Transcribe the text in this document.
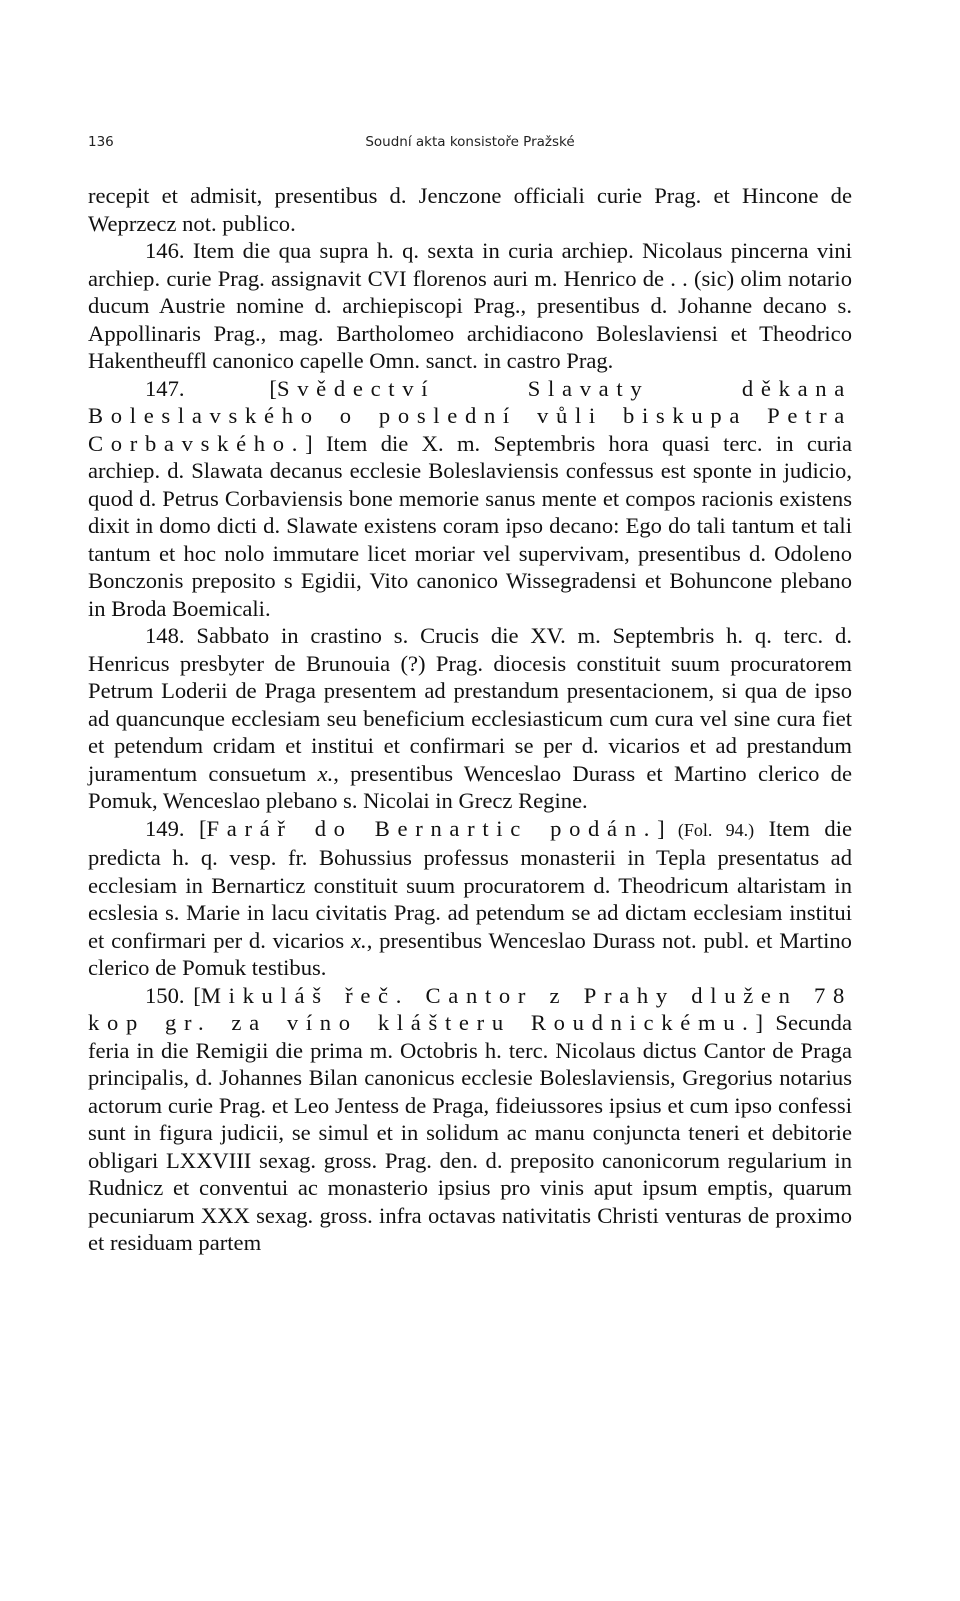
136	Soudní akta konsistoře Pražské

recepit et admisit, presentibus d. Jenczone officiali curie Prag. et Hincone de Weprzecz not. publico.

146. Item die qua supra h. q. sexta in curia archiep. Nicolaus pincerna vini archiep. curie Prag. assignavit CVI florenos auri m. Henrico de . . (sic) olim notario ducum Austrie nomine d. archiepiscopi Prag., presentibus d. Johanne decano s. Appollinaris Prag., mag. Bartholomeo archidiacono Boleslaviensi et Theodrico Hakentheuffl canonico capelle Omn. sanct. in castro Prag.

147. [Svědectví Slavaty děkana Boleslavského o poslední vůli biskupa Petra Corbavského.] Item die X. m. Septembris hora quasi terc. in curia archiep. d. Slawata decanus ecclesie Boleslaviensis confessus est sponte in judicio, quod d. Petrus Corbaviensis bone memorie sanus mente et compos racionis existens dixit in domo dicti d. Slawate existens coram ipso decano: Ego do tali tantum et tali tantum et hoc nolo immutare licet moriar vel supervivam, presentibus d. Odoleno Bonczonis preposito s Egidii, Vito canonico Wissegradensi et Bohuncone plebano in Broda Boemicali.

148. Sabbato in crastino s. Crucis die XV. m. Septembris h. q. terc. d. Henricus presbyter de Brunouia (?) Prag. diocesis constituit suum procuratorem Petrum Loderii de Praga presentem ad prestandum presentacionem, si qua de ipso ad quancunque ecclesiam seu beneficium ecclesiasticum cum cura vel sine cura fiet et petendum cridam et institui et confirmari se per d. vicarios et ad prestandum juramentum consuetum x., presentibus Wenceslao Durass et Martino clerico de Pomuk, Wenceslao plebano s. Nicolai in Grecz Regine.

149. [Farář do Bernartic podán.] (Fol. 94.) Item die predicta h. q. vesp. fr. Bohussius professus monasterii in Tepla presentatus ad ecclesiam in Bernarticz constituit suum procuratorem d. Theodricum altaristam in ecslesia s. Marie in lacu civitatis Prag. ad petendum se ad dictam ecclesiam institui et confirmari per d. vicarios x., presentibus Wenceslao Durass not. publ. et Martino clerico de Pomuk testibus.

150. [Mikuláš řeč. Cantor z Prahy dlužen 78 kop gr. za víno klášteru Roudnickému.] Secunda feria in die Remigii die prima m. Octobris h. terc. Nicolaus dictus Cantor de Praga principalis, d. Johannes Bilan canonicus ecclesie Boleslaviensis, Gregorius notarius actorum curie Prag. et Leo Jentess de Praga, fideiussores ipsius et cum ipso confessi sunt in figura judicii, se simul et in solidum ac manu conjuncta teneri et debitorie obligari LXXVIII sexag. gross. Prag. den. d. preposito canonicorum regularium in Rudnicz et conventui ac monasterio ipsius pro vinis aput ipsum emptis, quarum pecuniarum XXX sexag. gross. infra octavas nativitatis Christi venturas de proximo et residuam partem
